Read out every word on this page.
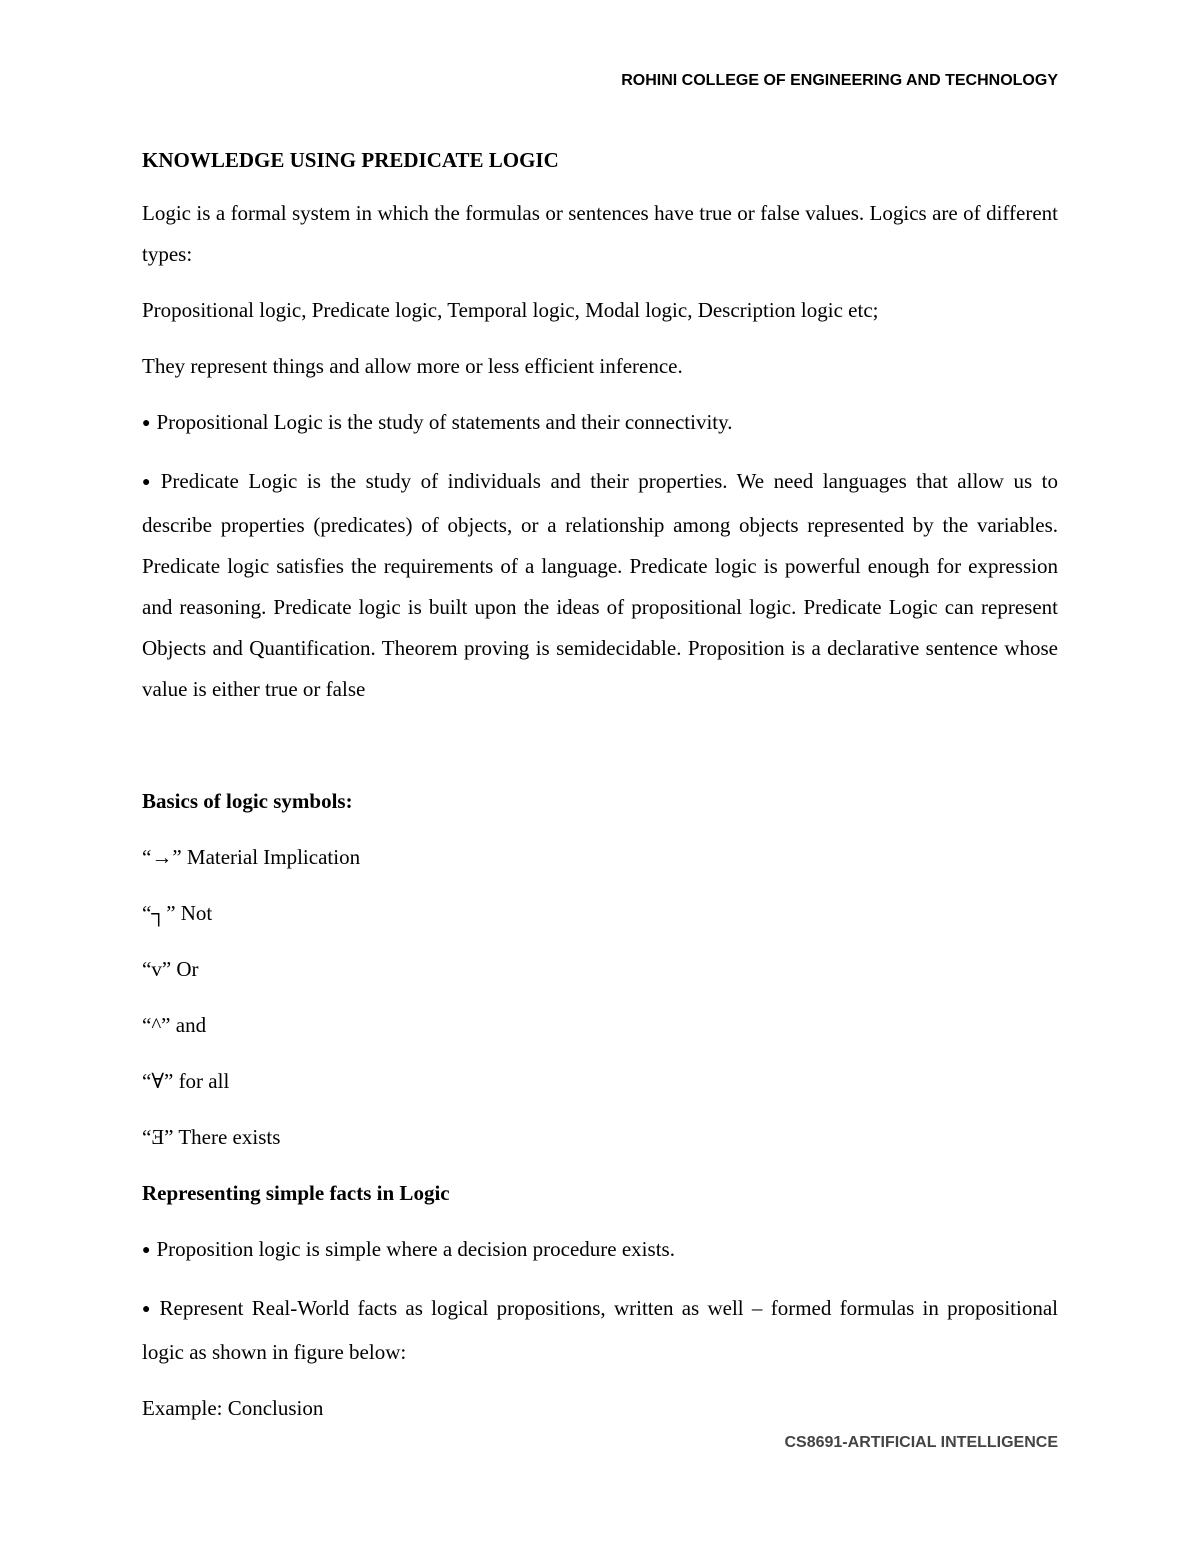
ROHINI COLLEGE OF ENGINEERING AND TECHNOLOGY

KNOWLEDGE USING PREDICATE LOGIC

Logic is a formal system in which the formulas or sentences have true or false values. Logics are of different types:

Propositional logic, Predicate logic, Temporal logic, Modal logic, Description logic etc;

They represent things and allow more or less efficient inference.

● Propositional Logic is the study of statements and their connectivity.

● Predicate Logic is the study of individuals and their properties. We need languages that allow us to describe properties (predicates) of objects, or a relationship among objects represented by the variables. Predicate logic satisfies the requirements of a language. Predicate logic is powerful enough for expression and reasoning. Predicate logic is built upon the ideas of propositional logic. Predicate Logic can represent Objects and Quantification. Theorem proving is semidecidable. Proposition is a declarative sentence whose value is either true or false

Basics of logic symbols:

“→” Material Implication

“┐” Not

“v” Or

“^” and

“∀” for all

“Ǝ” There exists

Representing simple facts in Logic

● Proposition logic is simple where a decision procedure exists.

● Represent Real-World facts as logical propositions, written as well – formed formulas in propositional logic as shown in figure below:

Example: Conclusion

CS8691-ARTIFICIAL INTELLIGENCE
